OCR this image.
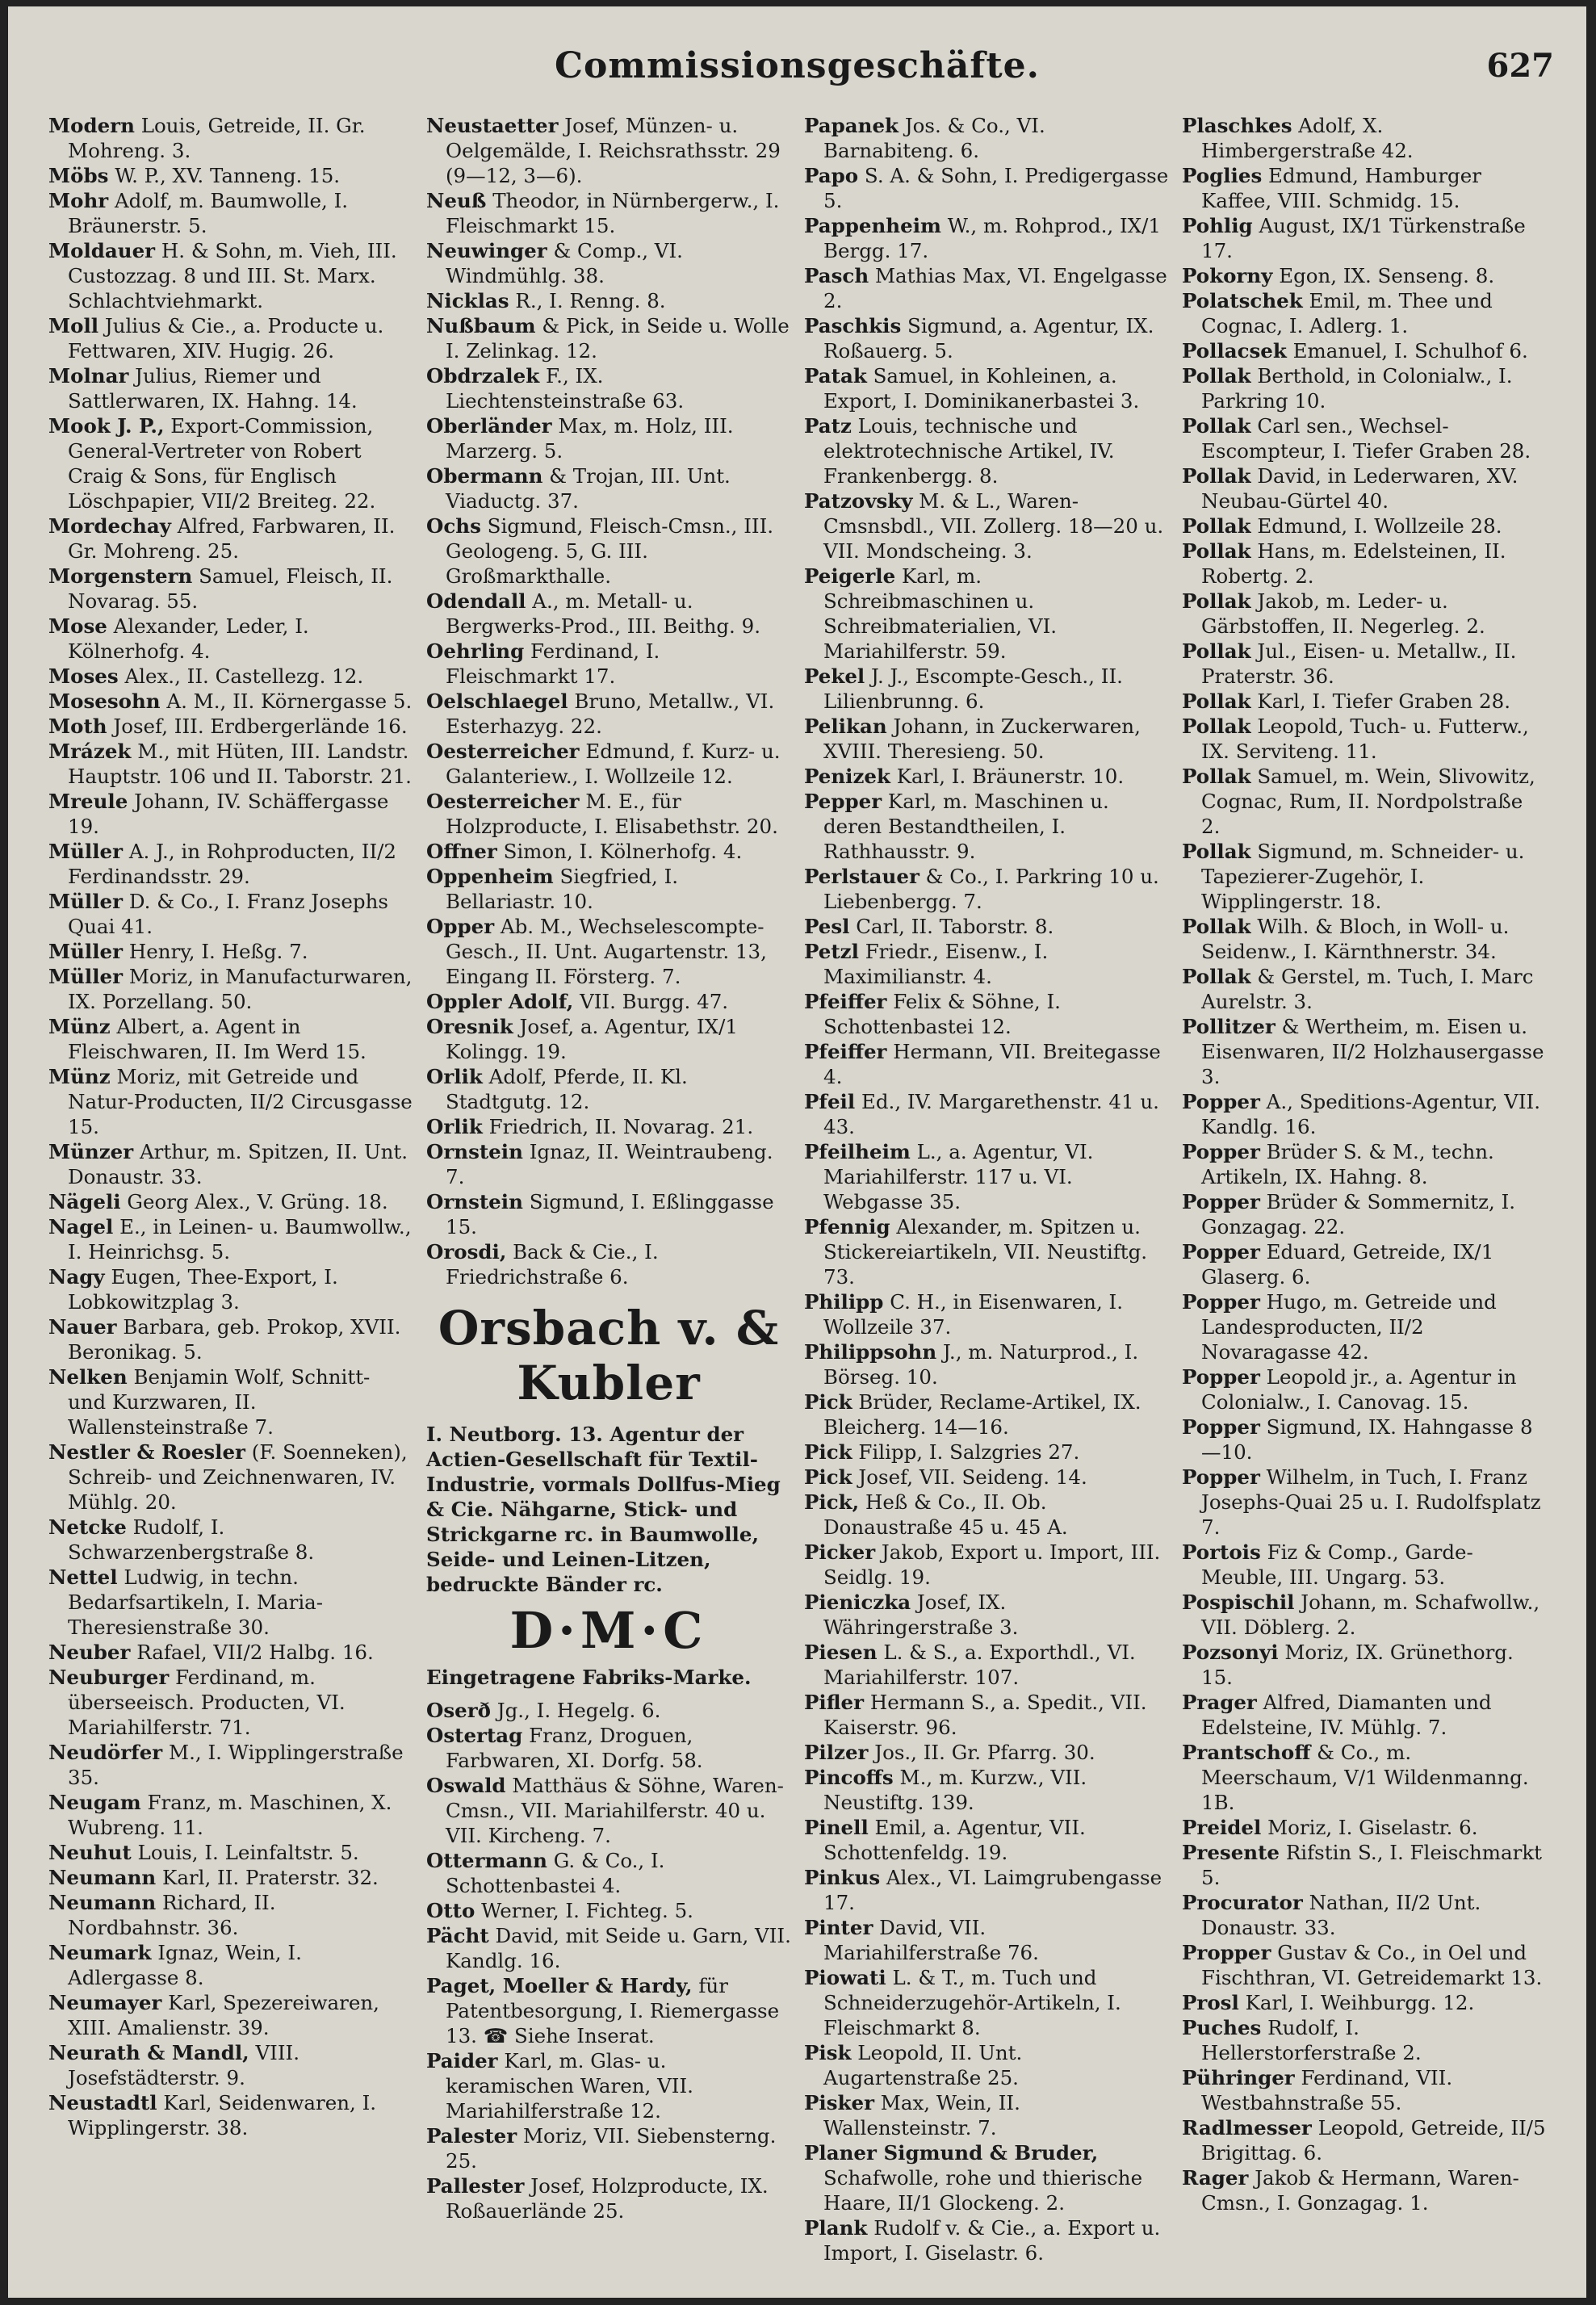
Commissionsgeschäfte.	627
Modern Louis, Getreide, II. Gr. Mohreng. 3.
Möbs W. P., XV. Tanneng. 15.
Mohr Adolf, m. Baumwolle, I. Bräunerstr. 5.
Moldauer H. & Sohn, m. Vieh, III. Custozzag. 8 und III. St. Marx. Schlachtviehmarkt.
Moll Julius & Cie., a. Producte u. Fettwaren, XIV. Hugig. 26.
Molnar Julius, Riemer und Sattlerwaren, IX. Hahng. 14.
Mook J. P., Export-Commission, General-Vertreter von Robert Craig & Sons, für Englisch Löschpapier, VII/2 Breiteg. 22.
Mordechay Alfred, Farbwaren, II. Gr. Mohreng. 25.
Morgenstern Samuel, Fleisch, II. Novarag. 55.
Mose Alexander, Leder, I. Kölnerhofg. 4.
Moses Alex., II. Castellezg. 12.
Mosesohn A. M., II. Körnergasse 5.
Moth Josef, III. Erdbergerlände 16.
Mrázek M., mit Hüten, III. Landstr. Hauptstr. 106 und II. Taborstr. 21.
Mreule Johann, IV. Schäffergasse 19.
Müller A. J., in Rohproducten, II/2 Ferdinandsstr. 29.
Müller D. & Co., I. Franz Josephs Quai 41.
Müller Henry, I. Heßg. 7.
Müller Moriz, in Manufacturwaren, IX. Porzellang. 50.
Münz Albert, a. Agent in Fleischwaren, II. Im Werd 15.
Münz Moriz, mit Getreide und Natur-Producten, II/2 Circusgasse 15.
Münzer Arthur, m. Spitzen, II. Unt. Donaustr. 33.
Nägeli Georg Alex., V. Grüng. 18.
Nagel E., in Leinen- u. Baumwollw., I. Heinrichsg. 5.
Nagy Eugen, Thee-Export, I. Lobkowitzplag 3.
Nauer Barbara, geb. Prokop, XVII. Beronikag. 5.
Nelken Benjamin Wolf, Schnitt- und Kurzwaren, II. Wallensteinstraße 7.
Nestler & Roesler (F. Soenneken), Schreib- und Zeichnenwaren, IV. Mühlg. 20.
Netcke Rudolf, I. Schwarzenbergstraße 8.
Nettel Ludwig, in techn. Bedarfsartikeln, I. Maria-Theresienstraße 30.
Neuber Rafael, VII/2 Halbg. 16.
Neuburger Ferdinand, m. überseeisch. Producten, VI. Mariahilferstr. 71.
Neudörfer M., I. Wipplingerstraße 35.
Neugam Franz, m. Maschinen, X. Wubreng. 11.
Neuhut Louis, I. Leinfaltstr. 5.
Neumann Karl, II. Praterstr. 32.
Neumann Richard, II. Nordbahnstr. 36.
Neumark Ignaz, Wein, I. Adlergasse 8.
Neumayer Karl, Spezereiwaren, XIII. Amalienstr. 39.
Neurath & Mandl, VIII. Josefstädterstr. 9.
Neustadtl Karl, Seidenwaren, I. Wipplingerstr. 38.
Neustaetter Josef, Münzen- u. Oelgemälde, I. Reichsrathsstr. 29 (9—12, 3—6).
Neuß Theodor, in Nürnbergerw., I. Fleischmarkt 15.
Neuwinger & Comp., VI. Windmühlg. 38.
Nicklas R., I. Renng. 8.
Nußbaum & Pick, in Seide u. Wolle I. Zelinkag. 12.
Obdrzalek F., IX. Liechtensteinstraße 63.
Oberländer Max, m. Holz, III. Marzerg. 5.
Obermann & Trojan, III. Unt. Viaductg. 37.
Ochs Sigmund, Fleisch-Cmsn., III. Geologeng. 5, G. III. Großmarkthalle.
Odendall A., m. Metall- u. Bergwerks-Prod., III. Beithg. 9.
Oehrling Ferdinand, I. Fleischmarkt 17.
Oelschlaegel Bruno, Metallw., VI. Esterhazyg. 22.
Oesterreicher Edmund, f. Kurz- u. Galanteriew., I. Wollzeile 12.
Oesterreicher M. E., für Holzproducte, I. Elisabethstr. 20.
Offner Simon, I. Kölnerhofg. 4.
Oppenheim Siegfried, I. Bellariastr. 10.
Opper Ab. M., Wechselescompte-Gesch., II. Unt. Augartenstr. 13, Eingang II. Försterg. 7.
Oppler Adolf, VII. Burgg. 47.
Oresnik Josef, a. Agentur, IX/1 Kolingg. 19.
Orlik Adolf, Pferde, II. Kl. Stadtgutg. 12.
Orlik Friedrich, II. Novarag. 21.
Ornstein Ignaz, II. Weintraubeng. 7.
Ornstein Sigmund, I. Eßlinggasse 15.
Orosdi, Back & Cie., I. Friedrichstraße 6.
Orsbach v. & Kubler
I. Neutborg. 13. Agentur der Actien-Gesellschaft für Textil-Industrie, vormals Dollfus-Mieg & Cie. Nähgarne, Stick- und Strickgarne rc. in Baumwolle, Seide- und Leinen-Litzen, bedruckte Bänder rc.
D·M·C
Eingetragene Fabriks-Marke.
Oserð Jg., I. Hegelg. 6.
Ostertag Franz, Droguen, Farbwaren, XI. Dorfg. 58.
Oswald Matthäus & Söhne, Waren-Cmsn., VII. Mariahilferstr. 40 u. VII. Kircheng. 7.
Ottermann G. & Co., I. Schottenbastei 4.
Otto Werner, I. Fichteg. 5.
Pächt David, mit Seide u. Garn, VII. Kandlg. 16.
Paget, Moeller & Hardy, für Patentbesorgung, I. Riemergasse 13. ☎ Siehe Inserat.
Paider Karl, m. Glas- u. keramischen Waren, VII. Mariahilferstraße 12.
Palester Moriz, VII. Siebensterng. 25.
Pallester Josef, Holzproducte, IX. Roßauerlände 25.
Papanek Jos. & Co., VI. Barnabiteng. 6.
Papo S. A. & Sohn, I. Predigergasse 5.
Pappenheim W., m. Rohprod., IX/1 Bergg. 17.
Pasch Mathias Max, VI. Engelgasse 2.
Paschkis Sigmund, a. Agentur, IX. Roßauerg. 5.
Patak Samuel, in Kohleinen, a. Export, I. Dominikanerbastei 3.
Patz Louis, technische und elektrotechnische Artikel, IV. Frankenbergg. 8.
Patzovsky M. & L., Waren-Cmsnsbdl., VII. Zollerg. 18—20 u. VII. Mondscheing. 3.
Peigerle Karl, m. Schreibmaschinen u. Schreibmaterialien, VI. Mariahilferstr. 59.
Pekel J. J., Escompte-Gesch., II. Lilienbrunng. 6.
Pelikan Johann, in Zuckerwaren, XVIII. Theresieng. 50.
Penizek Karl, I. Bräunerstr. 10.
Pepper Karl, m. Maschinen u. deren Bestandtheilen, I. Rathhausstr. 9.
Perlstauer & Co., I. Parkring 10 u. Liebenbergg. 7.
Pesl Carl, II. Taborstr. 8.
Petzl Friedr., Eisenw., I. Maximilianstr. 4.
Pfeiffer Felix & Söhne, I. Schottenbastei 12.
Pfeiffer Hermann, VII. Breitegasse 4.
Pfeil Ed., IV. Margarethenstr. 41 u. 43.
Pfeilheim L., a. Agentur, VI. Mariahilferstr. 117 u. VI. Webgasse 35.
Pfennig Alexander, m. Spitzen u. Stickereiartikeln, VII. Neustiftg. 73.
Philipp C. H., in Eisenwaren, I. Wollzeile 37.
Philippsohn J., m. Naturprod., I. Börseg. 10.
Pick Brüder, Reclame-Artikel, IX. Bleicherg. 14—16.
Pick Filipp, I. Salzgries 27.
Pick Josef, VII. Seideng. 14.
Pick, Heß & Co., II. Ob. Donaustraße 45 u. 45 A.
Picker Jakob, Export u. Import, III. Seidlg. 19.
Pieniczka Josef, IX. Währingerstraße 3.
Piesen L. & S., a. Exporthdl., VI. Mariahilferstr. 107.
Pifler Hermann S., a. Spedit., VII. Kaiserstr. 96.
Pilzer Jos., II. Gr. Pfarrg. 30.
Pincoffs M., m. Kurzw., VII. Neustiftg. 139.
Pinell Emil, a. Agentur, VII. Schottenfeldg. 19.
Pinkus Alex., VI. Laimgrubengasse 17.
Pinter David, VII. Mariahilferstraße 76.
Piowati L. & T., m. Tuch und Schneiderzugehör-Artikeln, I. Fleischmarkt 8.
Pisk Leopold, II. Unt. Augartenstraße 25.
Pisker Max, Wein, II. Wallensteinstr. 7.
Planer Sigmund & Bruder, Schafwolle, rohe und thierische Haare, II/1 Glockeng. 2.
Plank Rudolf v. & Cie., a. Export u. Import, I. Giselastr. 6.
Plaschkes Adolf, X. Himbergerstraße 42.
Poglies Edmund, Hamburger Kaffee, VIII. Schmidg. 15.
Pohlig August, IX/1 Türkenstraße 17.
Pokorny Egon, IX. Senseng. 8.
Polatschek Emil, m. Thee und Cognac, I. Adlerg. 1.
Pollacsek Emanuel, I. Schulhof 6.
Pollak Berthold, in Colonialw., I. Parkring 10.
Pollak Carl sen., Wechsel-Escompteur, I. Tiefer Graben 28.
Pollak David, in Lederwaren, XV. Neubau-Gürtel 40.
Pollak Edmund, I. Wollzeile 28.
Pollak Hans, m. Edelsteinen, II. Robertg. 2.
Pollak Jakob, m. Leder- u. Gärbstoffen, II. Negerleg. 2.
Pollak Jul., Eisen- u. Metallw., II. Praterstr. 36.
Pollak Karl, I. Tiefer Graben 28.
Pollak Leopold, Tuch- u. Futterw., IX. Serviteng. 11.
Pollak Samuel, m. Wein, Slivowitz, Cognac, Rum, II. Nordpolstraße 2.
Pollak Sigmund, m. Schneider- u. Tapezierer-Zugehör, I. Wipplingerstr. 18.
Pollak Wilh. & Bloch, in Woll- u. Seidenw., I. Kärnthnerstr. 34.
Pollak & Gerstel, m. Tuch, I. Marc Aurelstr. 3.
Pollitzer & Wertheim, m. Eisen u. Eisenwaren, II/2 Holzhausergasse 3.
Popper A., Speditions-Agentur, VII. Kandlg. 16.
Popper Brüder S. & M., techn. Artikeln, IX. Hahng. 8.
Popper Brüder & Sommernitz, I. Gonzagag. 22.
Popper Eduard, Getreide, IX/1 Glaserg. 6.
Popper Hugo, m. Getreide und Landesproducten, II/2 Novaragasse 42.
Popper Leopold jr., a. Agentur in Colonialw., I. Canovag. 15.
Popper Sigmund, IX. Hahngasse 8—10.
Popper Wilhelm, in Tuch, I. Franz Josephs-Quai 25 u. I. Rudolfsplatz 7.
Portois Fiz & Comp., Garde-Meuble, III. Ungarg. 53.
Pospischil Johann, m. Schafwollw., VII. Döblerg. 2.
Pozsonyi Moriz, IX. Grünethorg. 15.
Prager Alfred, Diamanten und Edelsteine, IV. Mühlg. 7.
Prantschoff & Co., m. Meerschaum, V/1 Wildenmanng. 1B.
Preidel Moriz, I. Giselastr. 6.
Presente Rifstin S., I. Fleischmarkt 5.
Procurator Nathan, II/2 Unt. Donaustr. 33.
Propper Gustav & Co., in Oel und Fischthran, VI. Getreidemarkt 13.
Prosl Karl, I. Weihburgg. 12.
Puches Rudolf, I. Hellerstorferstraße 2.
Pühringer Ferdinand, VII. Westbahnstraße 55.
Radlmesser Leopold, Getreide, II/5 Brigittag. 6.
Rager Jakob & Hermann, Waren-Cmsn., I. Gonzagag. 1.
